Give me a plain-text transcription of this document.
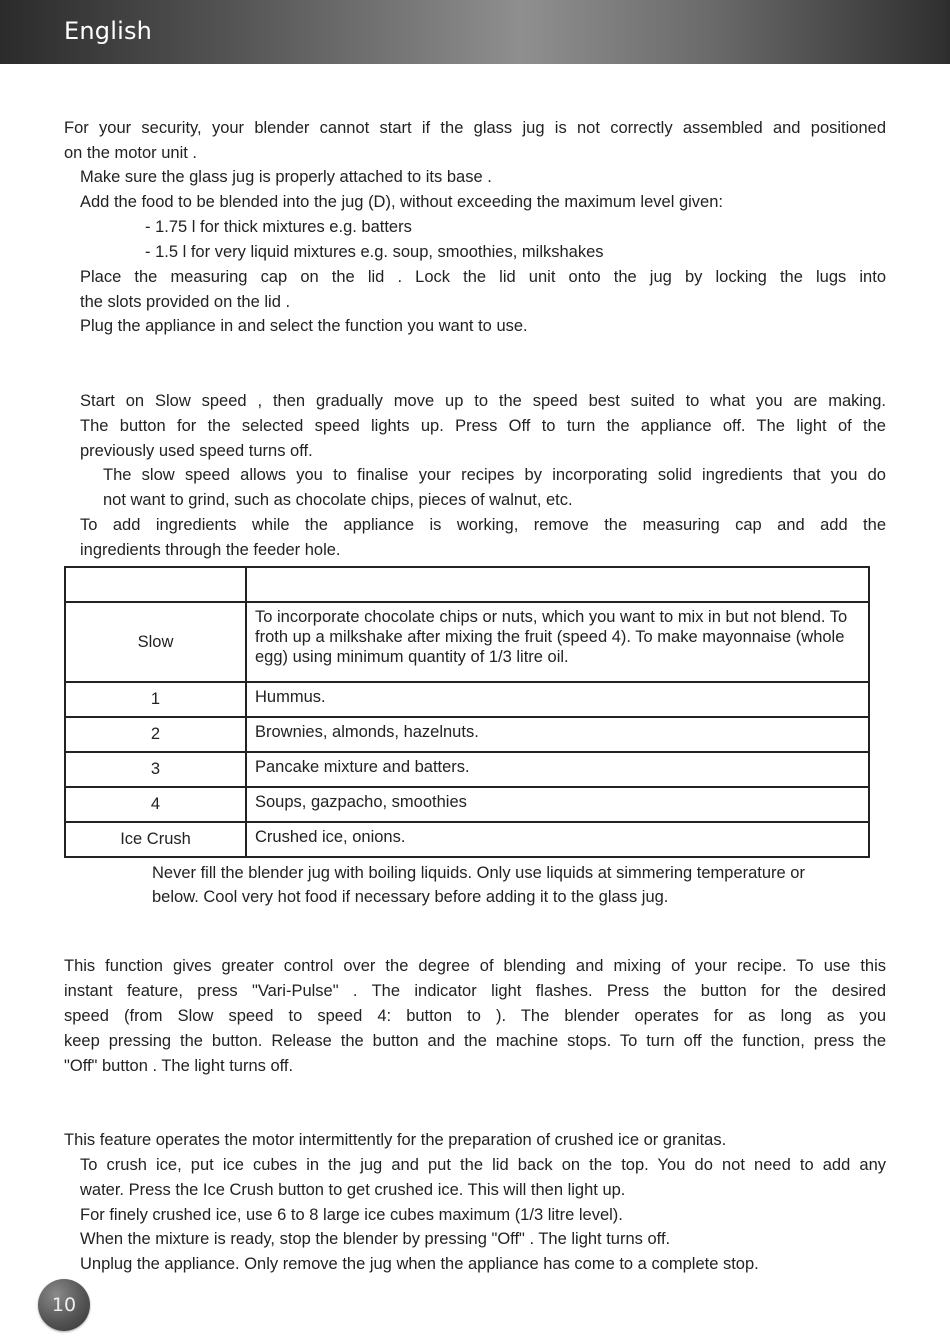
English
For your security, your blender cannot start if the glass jug is not correctly assembled and positioned
on the motor unit .
Make sure the glass jug is properly attached to its base .
Add the food to be blended into the jug (D), without exceeding the maximum level given:
- 1.75 l for thick mixtures e.g. batters
- 1.5 l for very liquid mixtures e.g. soup, smoothies, milkshakes
Place the measuring cap on the lid . Lock the lid unit onto the jug by locking the lugs into
the slots provided on the lid .
Plug the appliance in and select the function you want to use.
Start on Slow speed , then gradually move up to the speed best suited to what you are making.
The button for the selected speed lights up. Press Off to turn the appliance off. The light of the
previously used speed turns off.
The slow speed allows you to finalise your recipes by incorporating solid ingredients that you do
not want to grind, such as chocolate chips, pieces of walnut, etc.
To add ingredients while the appliance is working, remove the measuring cap and add the
ingredients through the feeder hole.

Slow	To incorporate chocolate chips or nuts, which you want to mix in but not blend. To froth up a milkshake after mixing the fruit (speed 4). To make mayonnaise (whole egg) using minimum quantity of 1/3 litre oil.
1	Hummus.
2	Brownies, almonds, hazelnuts.
3	Pancake mixture and batters.
4	Soups, gazpacho, smoothies
Ice Crush	Crushed ice, onions.
Never fill the blender jug with boiling liquids. Only use liquids at simmering temperature or
below. Cool very hot food if necessary before adding it to the glass jug.
This function gives greater control over the degree of blending and mixing of your recipe. To use this
instant feature, press "Vari-Pulse" . The indicator light flashes. Press the button for the desired
speed (from Slow speed to speed 4: button to ). The blender operates for as long as you
keep pressing the button. Release the button and the machine stops. To turn off the function, press the
"Off" button . The light turns off.
This feature operates the motor intermittently for the preparation of crushed ice or granitas.
To crush ice, put ice cubes in the jug and put the lid back on the top. You do not need to add any
water. Press the Ice Crush button to get crushed ice. This will then light up.
For finely crushed ice, use 6 to 8 large ice cubes maximum (1/3 litre level).
When the mixture is ready, stop the blender by pressing "Off" . The light turns off.
Unplug the appliance. Only remove the jug when the appliance has come to a complete stop.
10
